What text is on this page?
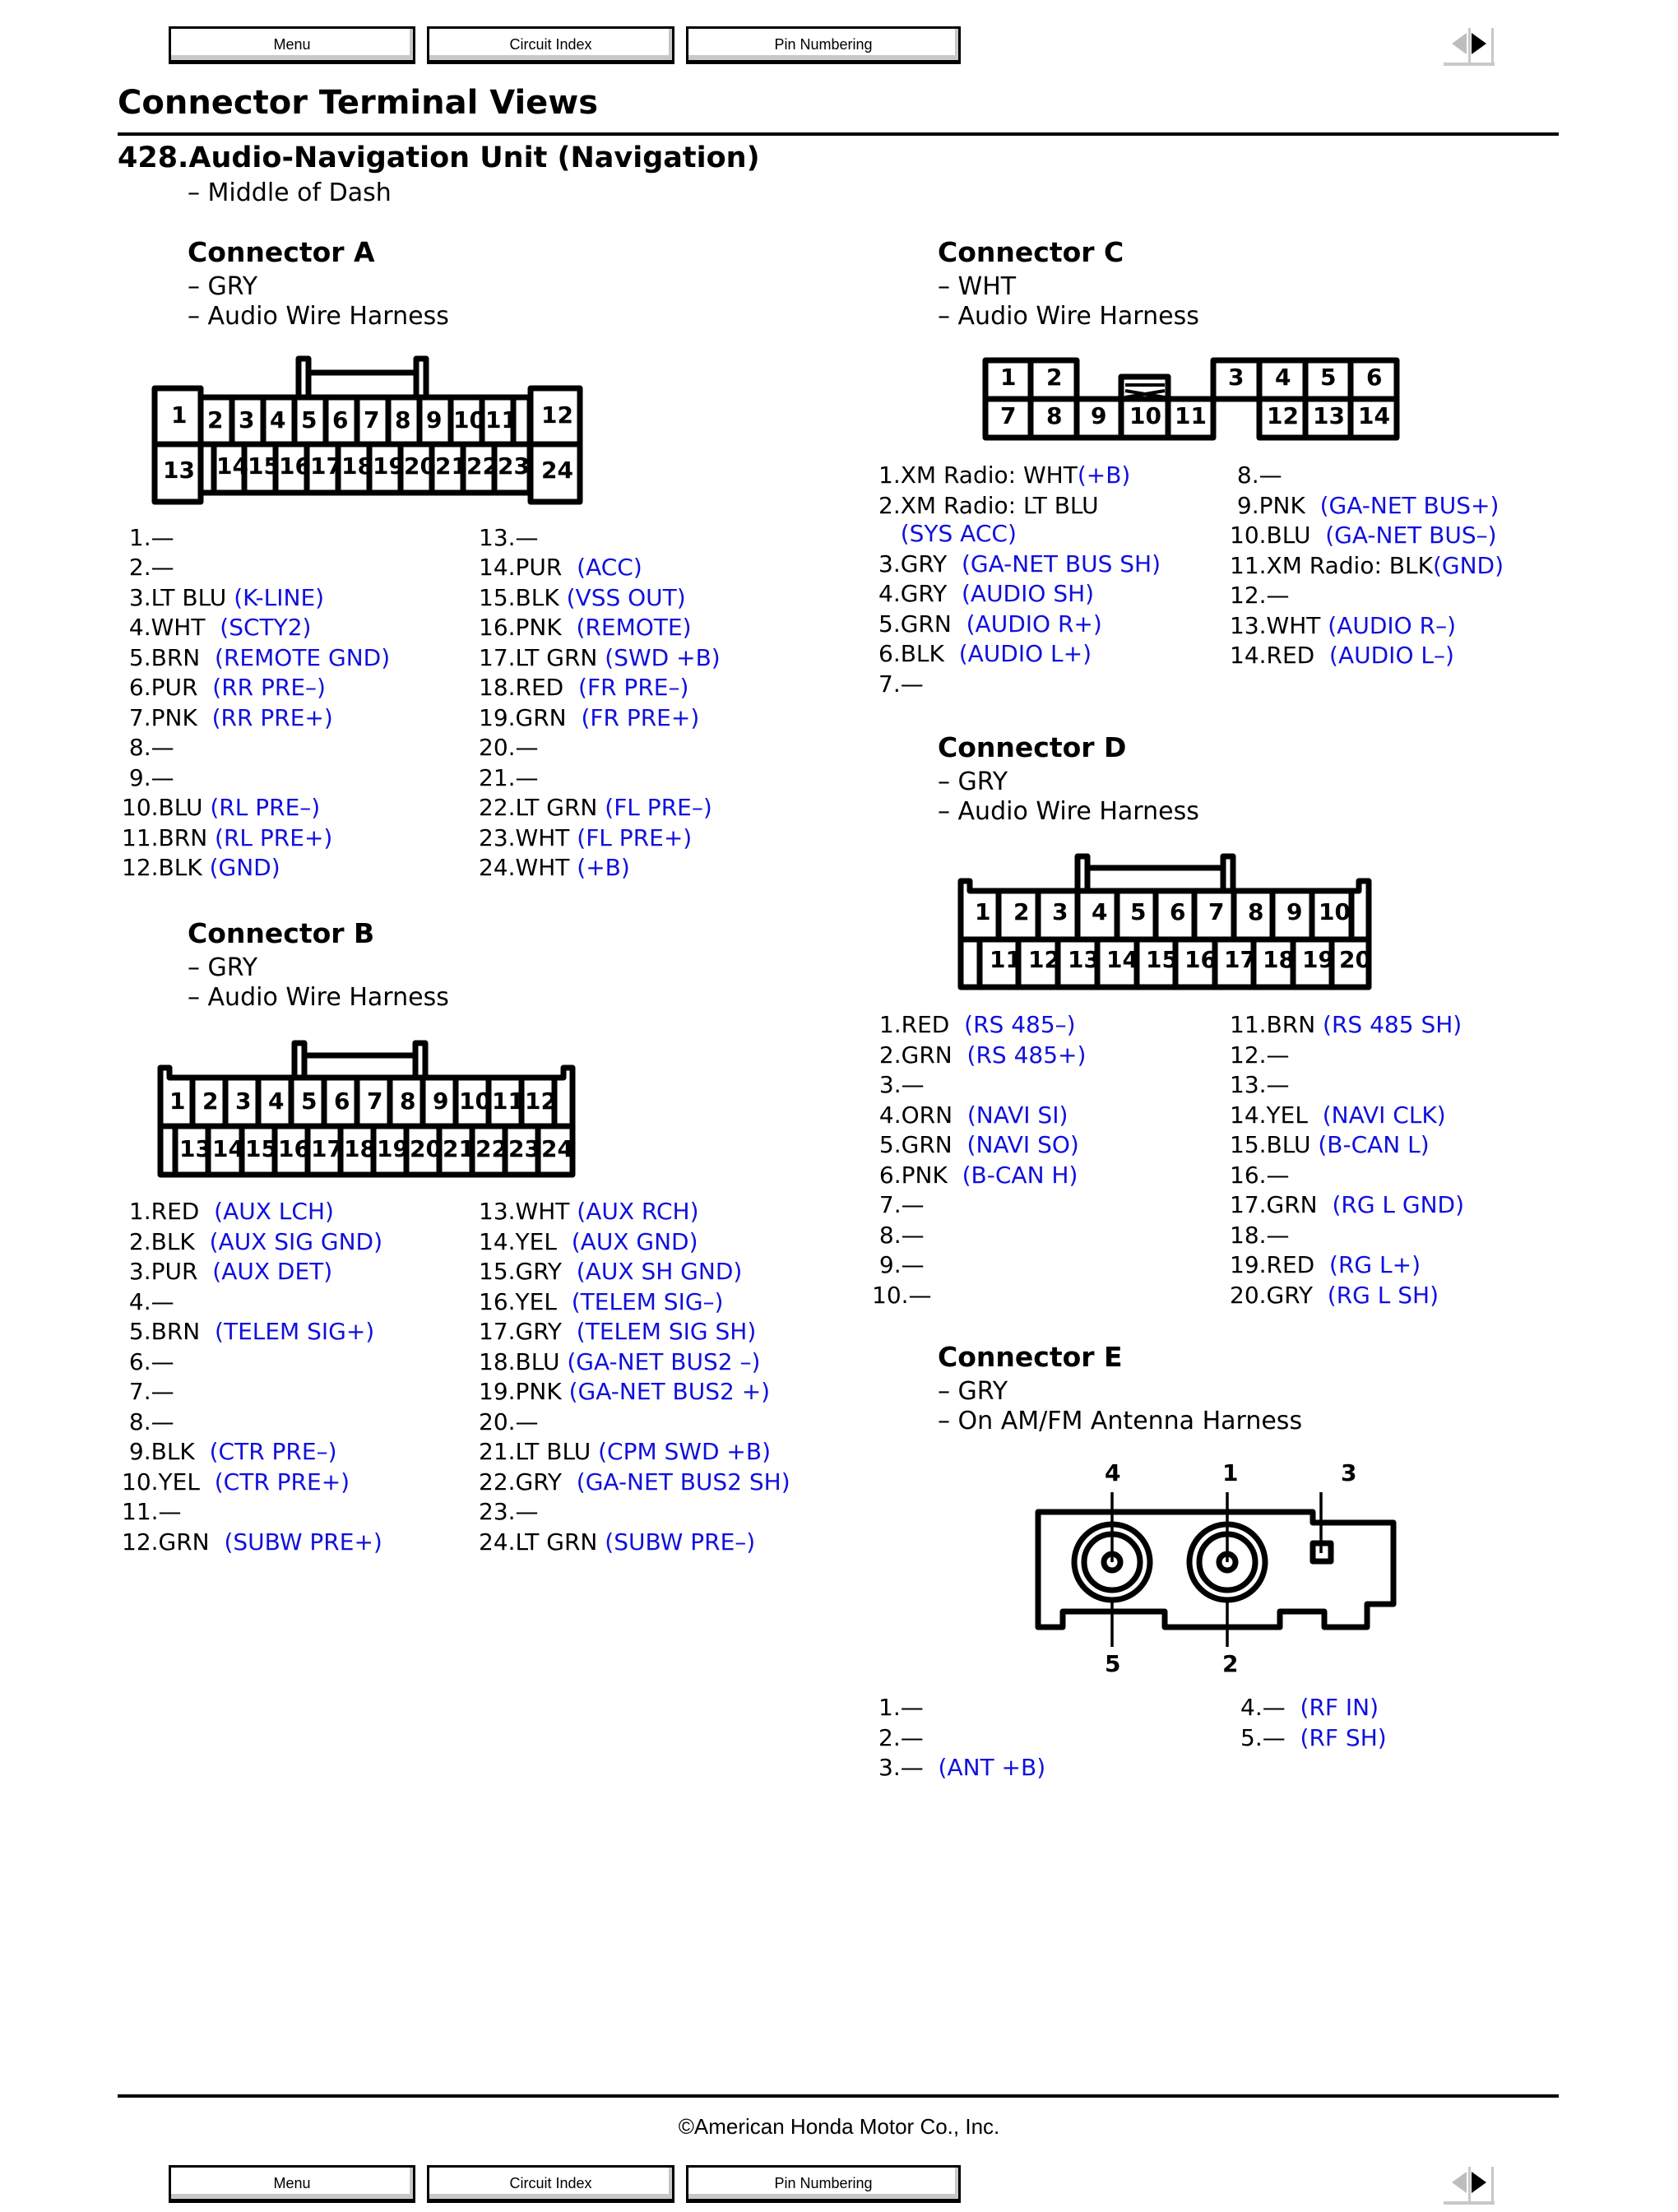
Menu	Circuit Index	Pin Numbering
Connector Terminal Views
428.Audio-Navigation Unit (Navigation)
– Middle of Dash
Connector A
– GRY
– Audio Wire Harness
1 2 3 4 5 6 7 8 9 10 11 12
13 14 15 16 17 18 19 20 21 22 23 24
1.—
2.—
3.LT BLU (K-LINE)
4.WHT  (SCTY2)
5.BRN  (REMOTE GND)
6.PUR  (RR PRE–)
7.PNK  (RR PRE+)
8.—
9.—
10.BLU (RL PRE–)
11.BRN (RL PRE+)
12.BLK (GND)
13.—
14.PUR  (ACC)
15.BLK (VSS OUT)
16.PNK  (REMOTE)
17.LT GRN (SWD +B)
18.RED  (FR PRE–)
19.GRN  (FR PRE+)
20.—
21.—
22.LT GRN (FL PRE–)
23.WHT (FL PRE+)
24.WHT (+B)
Connector B
– GRY
– Audio Wire Harness
1 2 3 4 5 6 7 8 9 10 11 12
13 14 15 16 17 18 19 20 21 22 23 24
1.RED  (AUX LCH)
2.BLK  (AUX SIG GND)
3.PUR  (AUX DET)
4.—
5.BRN  (TELEM SIG+)
6.—
7.—
8.—
9.BLK  (CTR PRE–)
10.YEL  (CTR PRE+)
11.—
12.GRN  (SUBW PRE+)
13.WHT (AUX RCH)
14.YEL  (AUX GND)
15.GRY  (AUX SH GND)
16.YEL  (TELEM SIG–)
17.GRY  (TELEM SIG SH)
18.BLU (GA-NET BUS2 –)
19.PNK (GA-NET BUS2 +)
20.—
21.LT BLU (CPM SWD +B)
22.GRY  (GA-NET BUS2 SH)
23.—
24.LT GRN (SUBW PRE–)
Connector C
– WHT
– Audio Wire Harness
1 2	3 4 5 6
7 8 9 10 11	12 13 14
1.XM Radio: WHT(+B)
2.XM Radio: LT BLU
(SYS ACC)
3.GRY  (GA-NET BUS SH)
4.GRY  (AUDIO SH)
5.GRN  (AUDIO R+)
6.BLK  (AUDIO L+)
7.—
8.—
9.PNK  (GA-NET BUS+)
10.BLU  (GA-NET BUS–)
11.XM Radio: BLK(GND)
12.—
13.WHT (AUDIO R–)
14.RED  (AUDIO L–)
Connector D
– GRY
– Audio Wire Harness
1 2 3 4 5 6 7 8 9 10
11 12 13 14 15 16 17 18 19 20
1.RED  (RS 485–)
2.GRN  (RS 485+)
3.—
4.ORN  (NAVI SI)
5.GRN  (NAVI SO)
6.PNK  (B-CAN H)
7.—
8.—
9.—
10.—
11.BRN (RS 485 SH)
12.—
13.—
14.YEL  (NAVI CLK)
15.BLU (B-CAN L)
16.—
17.GRN  (RG L GND)
18.—
19.RED  (RG L+)
20.GRY  (RG L SH)
Connector E
– GRY
– On AM/FM Antenna Harness
4	1	3
5	2
1.—
2.—
3.—  (ANT +B)
4.—  (RF IN)
5.—  (RF SH)
©American Honda Motor Co., Inc.
Menu	Circuit Index	Pin Numbering
